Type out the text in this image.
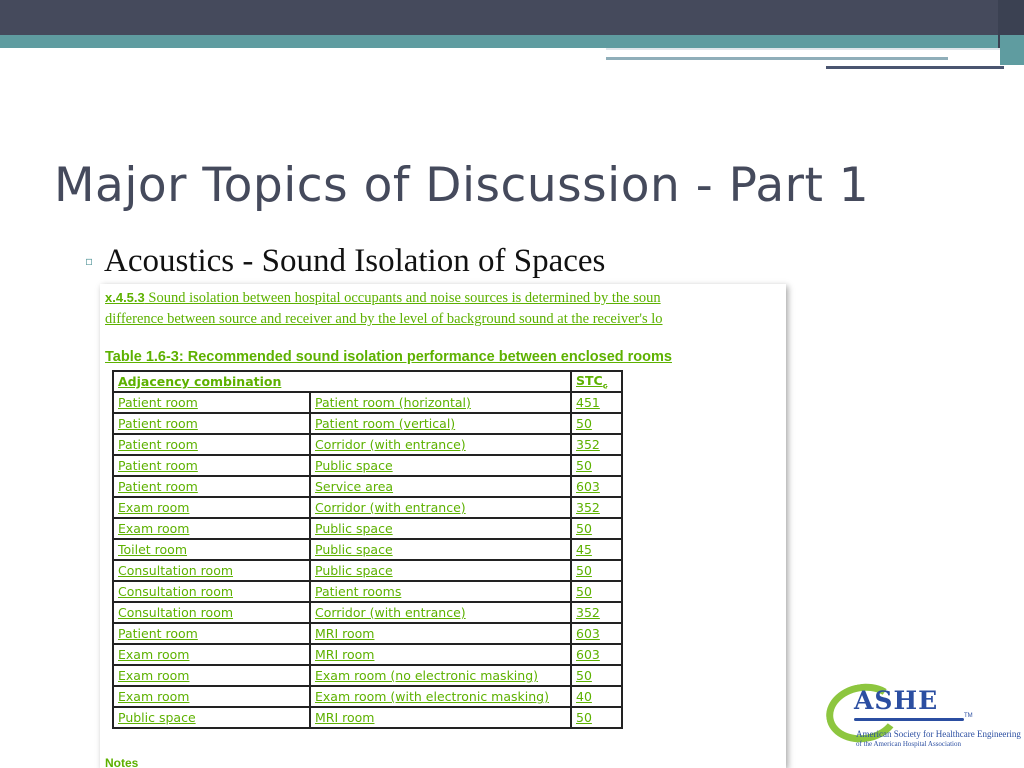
Major Topics of Discussion - Part 1
▫ Acoustics - Sound Isolation of Spaces
x.4.5.3 Sound isolation between hospital occupants and noise sources is determined by the soun
difference between source and receiver and by the level of background sound at the receiver's lo
Table 1.6-3: Recommended sound isolation performance between enclosed rooms
Adjacency combination		$STC_c$
Patient room	Patient room (horizontal)	451
Patient room	Patient room (vertical)	50
Patient room	Corridor (with entrance)	352
Patient room	Public space	50
Patient room	Service area	603
Exam room	Corridor (with entrance)	352
Exam room	Public space	50
Toilet room	Public space	45
Consultation room	Public space	50
Consultation room	Patient rooms	50
Consultation room	Corridor (with entrance)	352
Patient room	MRI room	603
Exam room	MRI room	603
Exam room	Exam room (no electronic masking)	50
Exam room	Exam room (with electronic masking)	40
Public space	MRI room	50
Notes
ASHE
TM
American Society for Healthcare Engineering
of the American Hospital Association
